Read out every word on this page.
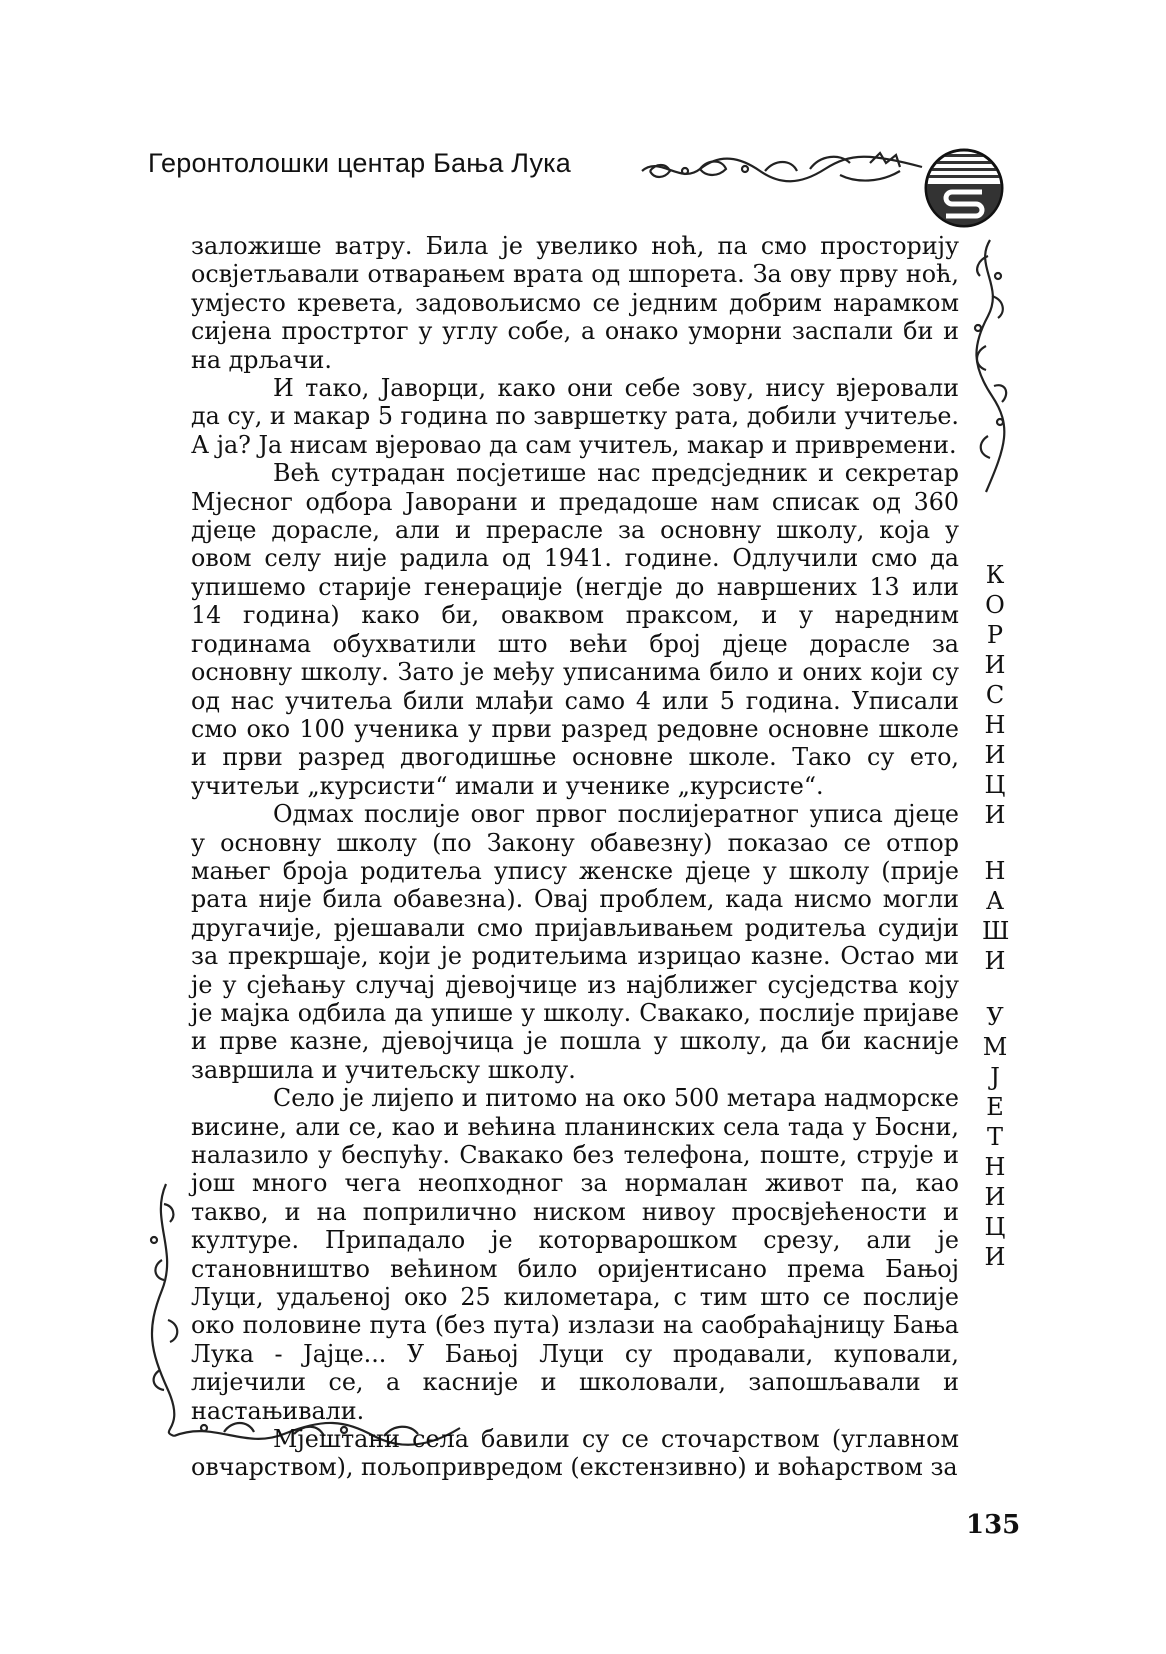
Геронтолошки центар Бања Лука

заложише ватру. Била је увелико ноћ, па смо просторију освјетљавали отварањем врата од шпорета. За ову прву ноћ, умјесто кревета, задовољисмо се једним добрим нарамком сијена простртог у углу собе, а онако уморни заспали би и на дрљачи.

И тако, Јаворци, како они себе зову, нису вјеровали да су, и макар 5 година по завршетку рата, добили учитеље. А ја? Ја нисам вјеровао да сам учитељ, макар и привремени.

Већ сутрадан посјетише нас предсједник и секретар Мјесног одбора Јаворани и предадоше нам списак од 360 дјеце дорасле, али и прерасле за основну школу, која у овом селу није радила од 1941. године. Одлучили смо да упишемо старије генерације (негдје до навршених 13 или 14 година) како би, оваквом праксом, и у наредним годинама обухватили што већи број дјеце дорасле за основну школу. Зато је међу уписанима било и оних који су од нас учитеља били млађи само 4 или 5 година. Уписали смо око 100 ученика у први разред редовне основне школе и први разред двогодишње основне школе. Тако су ето, учитељи „курсисти“ имали и ученике „курсисте“.

Одмах послије овог првог послијератног уписа дјеце у основну школу (по Закону обавезну) показао се отпор мањег броја родитеља упису женске дјеце у школу (прије рата није била обавезна). Овај проблем, када нисмо могли другачије, рјешавали смо пријављивањем родитеља судији за прекршаје, који је родитељима изрицао казне. Остао ми је у сјећању случај дјевојчице из најближег сусједства коју је мајка одбила да упише у школу. Свакако, послије пријаве и прве казне, дјевојчица је пошла у школу, да би касније завршила и учитељску школу.

Село је лијепо и питомо на око 500 метара надморске висине, али се, као и већина планинских села тада у Босни, налазило у беспућу. Свакако без телефона, поште, струје и још много чега неопходног за нормалан живот па, као такво, и на поприлично ниском нивоу просвјећености и културе. Припадало је которварошком срезу, али је становништво већином било оријентисано према Бањој Луци, удаљеној око 25 километара, с тим што се послије око половине пута (без пута) излази на саобраћајницу Бања Лука - Јајце... У Бањој Луци су продавали, куповали, лијечили се, а касније и школовали, запошљавали и настањивали.

Мјештани села бавили су се сточарством (углавном овчарством), пољопривредом (екстензивно) и воћарством за

К
О
Р
И
С
Н
И
Ц
И
Н
А
Ш
И
У
М
Ј
Е
Т
Н
И
Ц
И
135
